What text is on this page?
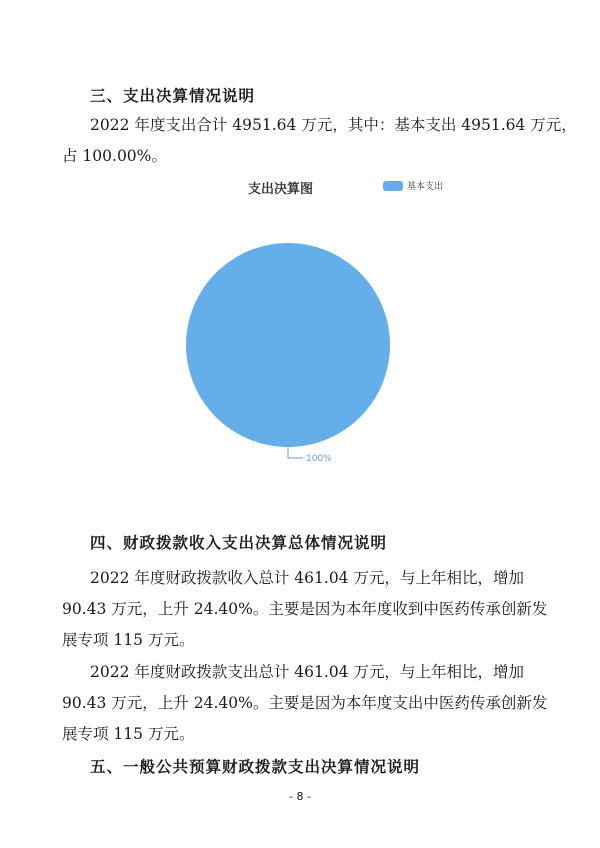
三、支出决算情况说明
2022 年度支出合计 4951.64 万元，其中：基本支出 4951.64 万元，
占 100.00%。
支出决算图	基本支出
100%
四、财政拨款收入支出决算总体情况说明
2022 年度财政拨款收入总计 461.04 万元，与上年相比，增加
90.43 万元，上升 24.40%。主要是因为本年度收到中医药传承创新发
展专项 115 万元。
2022 年度财政拨款支出总计 461.04 万元，与上年相比，增加
90.43 万元，上升 24.40%。主要是因为本年度支出中医药传承创新发
展专项 115 万元。
五、一般公共预算财政拨款支出决算情况说明
- 8 -
